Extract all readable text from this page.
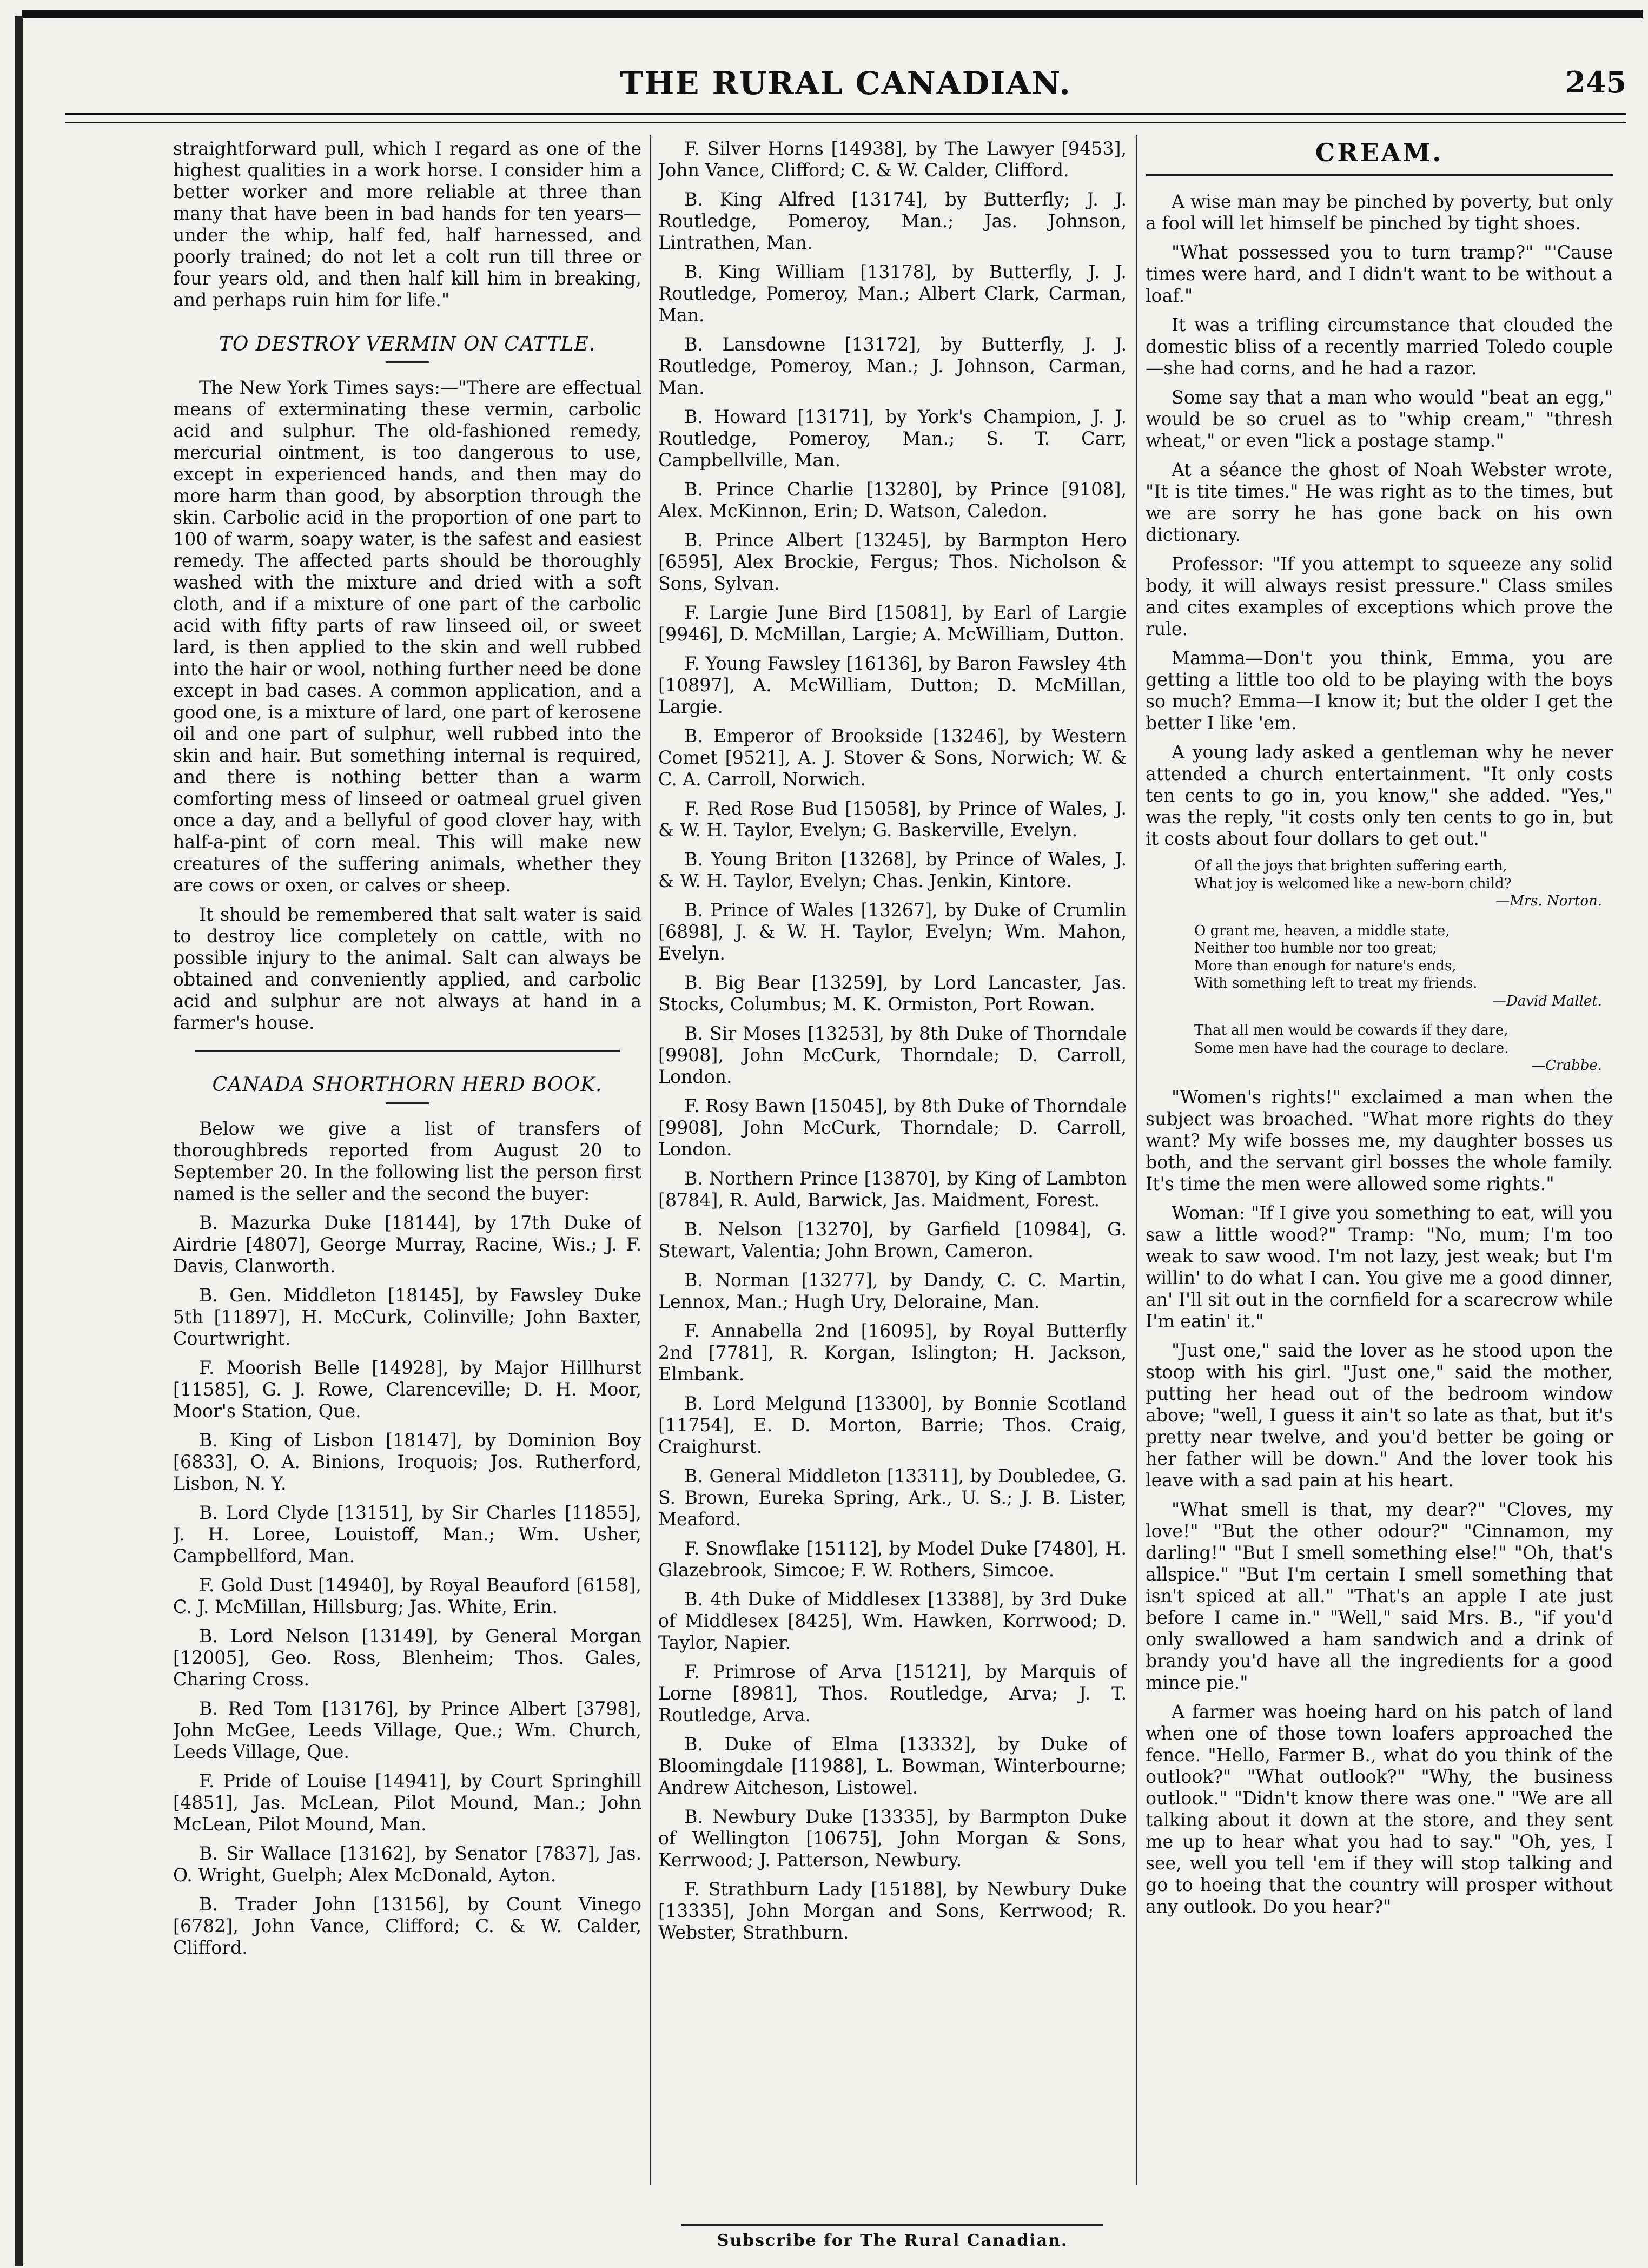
THE RURAL CANADIAN.	245

straightforward pull, which I regard as one of the highest qualities in a work horse. I consider him a better worker and more reliable at three than many that have been in bad hands for ten years—under the whip, half fed, half harnessed, and poorly trained; do not let a colt run till three or four years old, and then half kill him in breaking, and perhaps ruin him for life."

TO DESTROY VERMIN ON CATTLE.

The New York Times says:—"There are effectual means of exterminating these vermin, carbolic acid and sulphur. The old-fashioned remedy, mercurial ointment, is too dangerous to use, except in experienced hands, and then may do more harm than good, by absorption through the skin. Carbolic acid in the proportion of one part to 100 of warm, soapy water, is the safest and easiest remedy. The affected parts should be thoroughly washed with the mixture and dried with a soft cloth, and if a mixture of one part of the carbolic acid with fifty parts of raw linseed oil, or sweet lard, is then applied to the skin and well rubbed into the hair or wool, nothing further need be done except in bad cases. A common application, and a good one, is a mixture of lard, one part of kerosene oil and one part of sulphur, well rubbed into the skin and hair. But something internal is required, and there is nothing better than a warm comforting mess of linseed or oatmeal gruel given once a day, and a bellyful of good clover hay, with half-a-pint of corn meal. This will make new creatures of the suffering animals, whether they are cows or oxen, or calves or sheep.

It should be remembered that salt water is said to destroy lice completely on cattle, with no possible injury to the animal. Salt can always be obtained and conveniently applied, and carbolic acid and sulphur are not always at hand in a farmer's house.

CANADA SHORTHORN HERD BOOK.

Below we give a list of transfers of thoroughbreds reported from August 20 to September 20. In the following list the person first named is the seller and the second the buyer:

B. Mazurka Duke [18144], by 17th Duke of Airdrie [4807], George Murray, Racine, Wis.; J. F. Davis, Clanworth.

B. Gen. Middleton [18145], by Fawsley Duke 5th [11897], H. McCurk, Colinville; John Baxter, Courtwright.

F. Moorish Belle [14928], by Major Hillhurst [11585], G. J. Rowe, Clarenceville; D. H. Moor, Moor's Station, Que.

B. King of Lisbon [18147], by Dominion Boy [6833], O. A. Binions, Iroquois; Jos. Rutherford, Lisbon, N. Y.

B. Lord Clyde [13151], by Sir Charles [11855], J. H. Loree, Louistoff, Man.; Wm. Usher, Campbellford, Man.

F. Gold Dust [14940], by Royal Beauford [6158], C. J. McMillan, Hillsburg; Jas. White, Erin.

B. Lord Nelson [13149], by General Morgan [12005], Geo. Ross, Blenheim; Thos. Gales, Charing Cross.

B. Red Tom [13176], by Prince Albert [3798], John McGee, Leeds Village, Que.; Wm. Church, Leeds Village, Que.

F. Pride of Louise [14941], by Court Springhill [4851], Jas. McLean, Pilot Mound, Man.; John McLean, Pilot Mound, Man.

B. Sir Wallace [13162], by Senator [7837], Jas. O. Wright, Guelph; Alex McDonald, Ayton.

B. Trader John [13156], by Count Vinego [6782], John Vance, Clifford; C. & W. Calder, Clifford.

F. Silver Horns [14938], by The Lawyer [9453], John Vance, Clifford; C. & W. Calder, Clifford.

B. King Alfred [13174], by Butterfly; J. J. Routledge, Pomeroy, Man.; Jas. Johnson, Lintrathen, Man.

B. King William [13178], by Butterfly, J. J. Routledge, Pomeroy, Man.; Albert Clark, Carman, Man.

B. Lansdowne [13172], by Butterfly, J. J. Routledge, Pomeroy, Man.; J. Johnson, Carman, Man.

B. Howard [13171], by York's Champion, J. J. Routledge, Pomeroy, Man.; S. T. Carr, Campbellville, Man.

B. Prince Charlie [13280], by Prince [9108], Alex. McKinnon, Erin; D. Watson, Caledon.

B. Prince Albert [13245], by Barmpton Hero [6595], Alex Brockie, Fergus; Thos. Nicholson & Sons, Sylvan.

F. Largie June Bird [15081], by Earl of Largie [9946], D. McMillan, Largie; A. McWilliam, Dutton.

F. Young Fawsley [16136], by Baron Fawsley 4th [10897], A. McWilliam, Dutton; D. McMillan, Largie.

B. Emperor of Brookside [13246], by Western Comet [9521], A. J. Stover & Sons, Norwich; W. & C. A. Carroll, Norwich.

F. Red Rose Bud [15058], by Prince of Wales, J. & W. H. Taylor, Evelyn; G. Baskerville, Evelyn.

B. Young Briton [13268], by Prince of Wales, J. & W. H. Taylor, Evelyn; Chas. Jenkin, Kintore.

B. Prince of Wales [13267], by Duke of Crumlin [6898], J. & W. H. Taylor, Evelyn; Wm. Mahon, Evelyn.

B. Big Bear [13259], by Lord Lancaster, Jas. Stocks, Columbus; M. K. Ormiston, Port Rowan.

B. Sir Moses [13253], by 8th Duke of Thorndale [9908], John McCurk, Thorndale; D. Carroll, London.

F. Rosy Bawn [15045], by 8th Duke of Thorndale [9908], John McCurk, Thorndale; D. Carroll, London.

B. Northern Prince [13870], by King of Lambton [8784], R. Auld, Barwick, Jas. Maidment, Forest.

B. Nelson [13270], by Garfield [10984], G. Stewart, Valentia; John Brown, Cameron.

B. Norman [13277], by Dandy, C. C. Martin, Lennox, Man.; Hugh Ury, Deloraine, Man.

F. Annabella 2nd [16095], by Royal Butterfly 2nd [7781], R. Korgan, Islington; H. Jackson, Elmbank.

B. Lord Melgund [13300], by Bonnie Scotland [11754], E. D. Morton, Barrie; Thos. Craig, Craighurst.

B. General Middleton [13311], by Doubledee, G. S. Brown, Eureka Spring, Ark., U. S.; J. B. Lister, Meaford.

F. Snowflake [15112], by Model Duke [7480], H. Glazebrook, Simcoe; F. W. Rothers, Simcoe.

B. 4th Duke of Middlesex [13388], by 3rd Duke of Middlesex [8425], Wm. Hawken, Korrwood; D. Taylor, Napier.

F. Primrose of Arva [15121], by Marquis of Lorne [8981], Thos. Routledge, Arva; J. T. Routledge, Arva.

B. Duke of Elma [13332], by Duke of Bloomingdale [11988], L. Bowman, Winterbourne; Andrew Aitcheson, Listowel.

B. Newbury Duke [13335], by Barmpton Duke of Wellington [10675], John Morgan & Sons, Kerrwood; J. Patterson, Newbury.

F. Strathburn Lady [15188], by Newbury Duke [13335], John Morgan and Sons, Kerrwood; R. Webster, Strathburn.

CREAM.

A wise man may be pinched by poverty, but only a fool will let himself be pinched by tight shoes.

"What possessed you to turn tramp?" "'Cause times were hard, and I didn't want to be without a loaf."

It was a trifling circumstance that clouded the domestic bliss of a recently married Toledo couple —she had corns, and he had a razor.

Some say that a man who would "beat an egg," would be so cruel as to "whip cream," "thresh wheat," or even "lick a postage stamp."

At a séance the ghost of Noah Webster wrote, "It is tite times." He was right as to the times, but we are sorry he has gone back on his own dictionary.

Professor: "If you attempt to squeeze any solid body, it will always resist pressure." Class smiles and cites examples of exceptions which prove the rule.

Mamma—Don't you think, Emma, you are getting a little too old to be playing with the boys so much? Emma—I know it; but the older I get the better I like 'em.

A young lady asked a gentleman why he never attended a church entertainment. "It only costs ten cents to go in, you know," she added. "Yes," was the reply, "it costs only ten cents to go in, but it costs about four dollars to get out."

Of all the joys that brighten suffering earth,
What joy is welcomed like a new-born child?
—Mrs. Norton.
O grant me, heaven, a middle state,
Neither too humble nor too great;
More than enough for nature's ends,
With something left to treat my friends.
—David Mallet.
That all men would be cowards if they dare,
Some men have had the courage to declare.
—Crabbe.

"Women's rights!" exclaimed a man when the subject was broached. "What more rights do they want? My wife bosses me, my daughter bosses us both, and the servant girl bosses the whole family. It's time the men were allowed some rights."

Woman: "If I give you something to eat, will you saw a little wood?" Tramp: "No, mum; I'm too weak to saw wood. I'm not lazy, jest weak; but I'm willin' to do what I can. You give me a good dinner, an' I'll sit out in the cornfield for a scarecrow while I'm eatin' it."

"Just one," said the lover as he stood upon the stoop with his girl. "Just one," said the mother, putting her head out of the bedroom window above; "well, I guess it ain't so late as that, but it's pretty near twelve, and you'd better be going or her father will be down." And the lover took his leave with a sad pain at his heart.

"What smell is that, my dear?" "Cloves, my love!" "But the other odour?" "Cinnamon, my darling!" "But I smell something else!" "Oh, that's allspice." "But I'm certain I smell something that isn't spiced at all." "That's an apple I ate just before I came in." "Well," said Mrs. B., "if you'd only swallowed a ham sandwich and a drink of brandy you'd have all the ingredients for a good mince pie."

A farmer was hoeing hard on his patch of land when one of those town loafers approached the fence. "Hello, Farmer B., what do you think of the outlook?" "What outlook?" "Why, the business outlook." "Didn't know there was one." "We are all talking about it down at the store, and they sent me up to hear what you had to say." "Oh, yes, I see, well you tell 'em if they will stop talking and go to hoeing that the country will prosper without any outlook. Do you hear?"

Subscribe for The Rural Canadian.
